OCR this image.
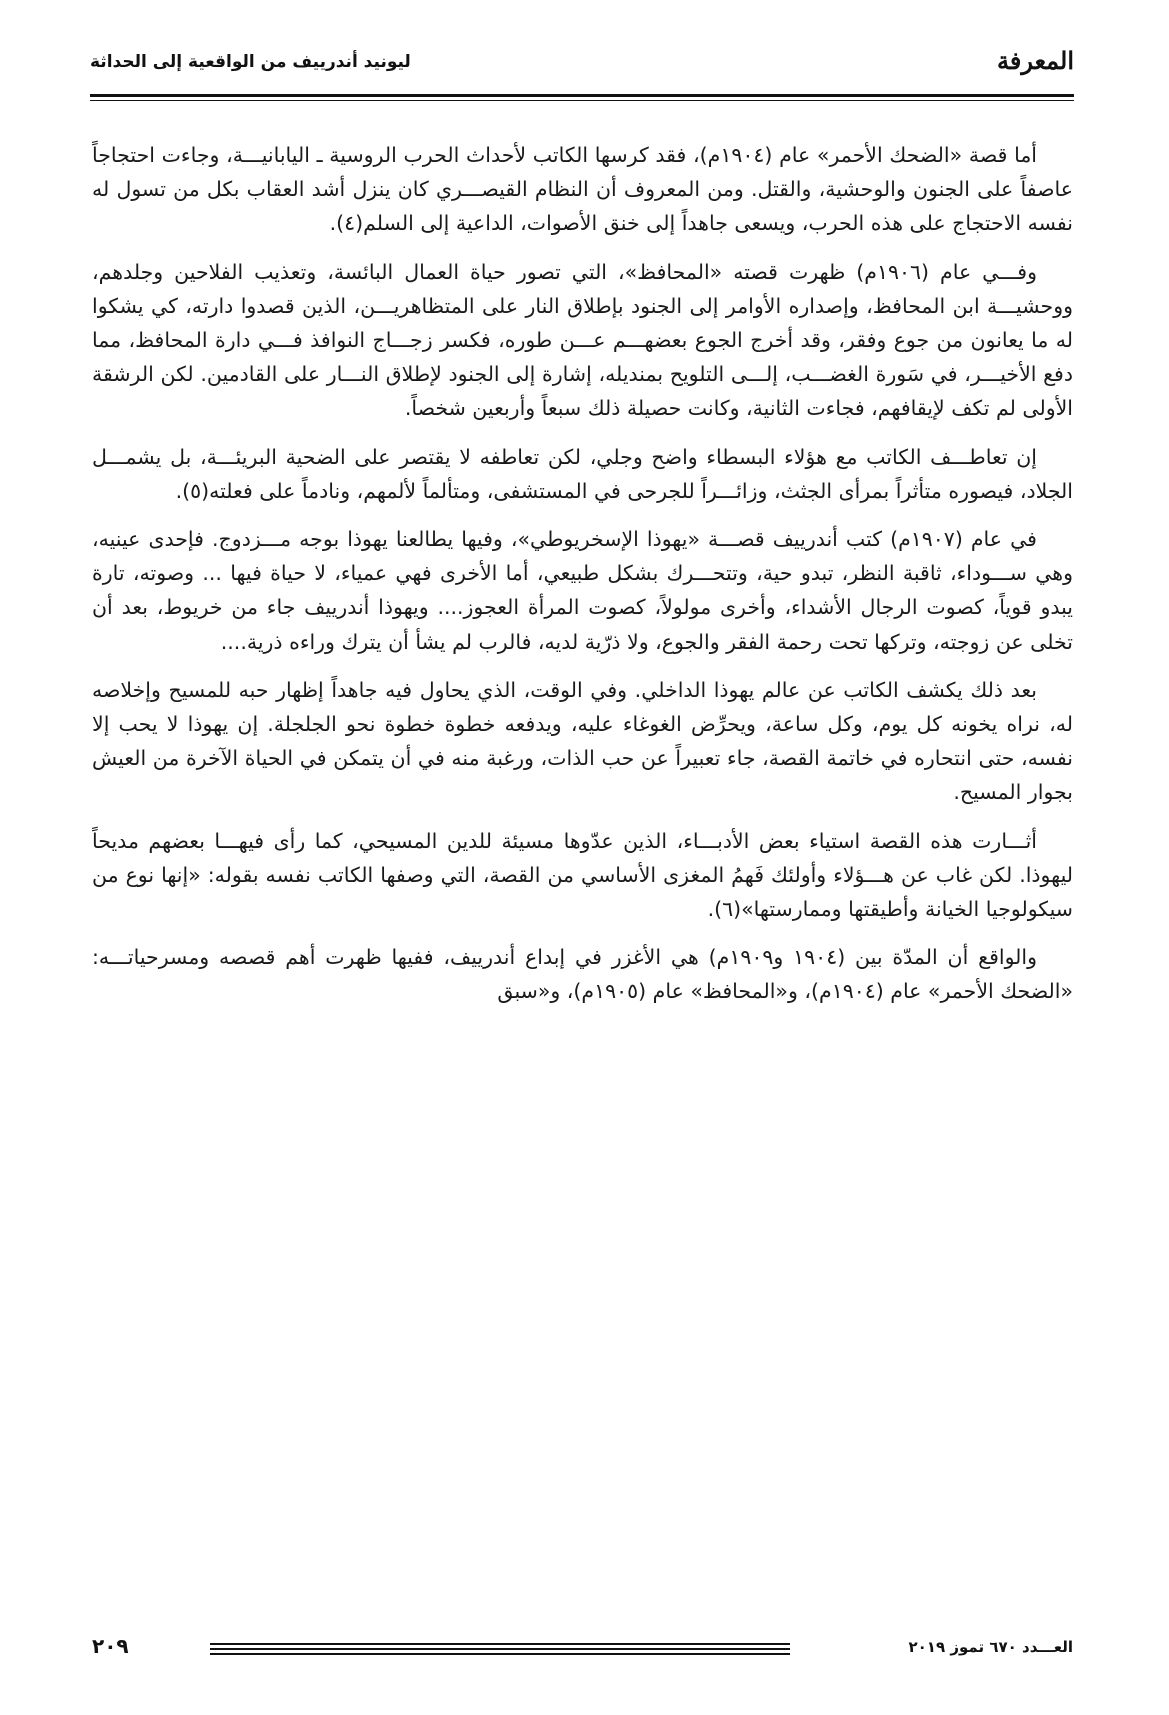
المعرفة
ليونيد أندرييف من الواقعية إلى الحداثة

أما قصة «الضحك الأحمر» عام (١٩٠٤م)، فقد كرسها الكاتب لأحداث الحرب الروسية ـ اليابانيـــة، وجاءت احتجاجاً عاصفاً على الجنون والوحشية، والقتل. ومن المعروف أن النظام القيصـــري كان ينزل أشد العقاب بكل من تسول له نفسه الاحتجاج على هذه الحرب، ويسعى جاهداً إلى خنق الأصوات، الداعية إلى السلم(٤).

وفـــي عام (١٩٠٦م) ظهرت قصته «المحافظ»، التي تصور حياة العمال البائسة، وتعذيب الفلاحين وجلدهم، ووحشيـــة ابن المحافظ، وإصداره الأوامر إلى الجنود بإطلاق النار على المتظاهريـــن، الذين قصدوا دارته، كي يشكوا له ما يعانون من جوع وفقر، وقد أخرج الجوع بعضهـــم عـــن طوره، فكسر زجـــاج النوافذ فـــي دارة المحافظ، مما دفع الأخيـــر، في سَورة الغضـــب، إلـــى التلويح بمنديله، إشارة إلى الجنود لإطلاق النـــار على القادمين. لكن الرشقة الأولى لم تكف لإيقافهم، فجاءت الثانية، وكانت حصيلة ذلك سبعاً وأربعين شخصاً.

إن تعاطـــف الكاتب مع هؤلاء البسطاء واضح وجلي، لكن تعاطفه لا يقتصر على الضحية البريئـــة، بل يشمـــل الجلاد، فيصوره متأثراً بمرأى الجثث، وزائـــراً للجرحى في المستشفى، ومتألماً لألمهم، ونادماً على فعلته(٥).

في عام (١٩٠٧م) كتب أندرييف قصـــة «يهوذا الإسخريوطي»، وفيها يطالعنا يهوذا بوجه مـــزدوج. فإحدى عينيه، وهي ســـوداء، ثاقبة النظر، تبدو حية، وتتحـــرك بشكل طبيعي، أما الأخرى فهي عمياء، لا حياة فيها ... وصوته، تارة يبدو قوياً، كصوت الرجال الأشداء، وأخرى مولولاً، كصوت المرأة العجوز.... ويهوذا أندرييف جاء من خريوط، بعد أن تخلى عن زوجته، وتركها تحت رحمة الفقر والجوع، ولا ذرّية لديه، فالرب لم يشأ أن يترك وراءه ذرية....

بعد ذلك يكشف الكاتب عن عالم يهوذا الداخلي. وفي الوقت، الذي يحاول فيه جاهداً إظهار حبه للمسيح وإخلاصه له، نراه يخونه كل يوم، وكل ساعة، ويحرِّض الغوغاء عليه، ويدفعه خطوة خطوة نحو الجلجلة. إن يهوذا لا يحب إلا نفسه، حتى انتحاره في خاتمة القصة، جاء تعبيراً عن حب الذات، ورغبة منه في أن يتمكن في الحياة الآخرة من العيش بجوار المسيح.

أثـــارت هذه القصة استياء بعض الأدبـــاء، الذين عدّوها مسيئة للدين المسيحي، كما رأى فيهـــا بعضهم مديحاً ليهوذا. لكن غاب عن هـــؤلاء وأولئك فَهمُ المغزى الأساسي من القصة، التي وصفها الكاتب نفسه بقوله: «إنها نوع من سيكولوجيا الخيانة وأطيقتها وممارستها»(٦).

والواقع أن المدّة بين (١٩٠٤ و١٩٠٩م) هي الأغزر في إبداع أندرييف، ففيها ظهرت أهم قصصه ومسرحياتـــه: «الضحك الأحمر» عام (١٩٠٤م)، و«المحافظ» عام (١٩٠٥م)، و«سبق

العـــدد ٦٧٠ تموز ٢٠١٩
٢٠٩
